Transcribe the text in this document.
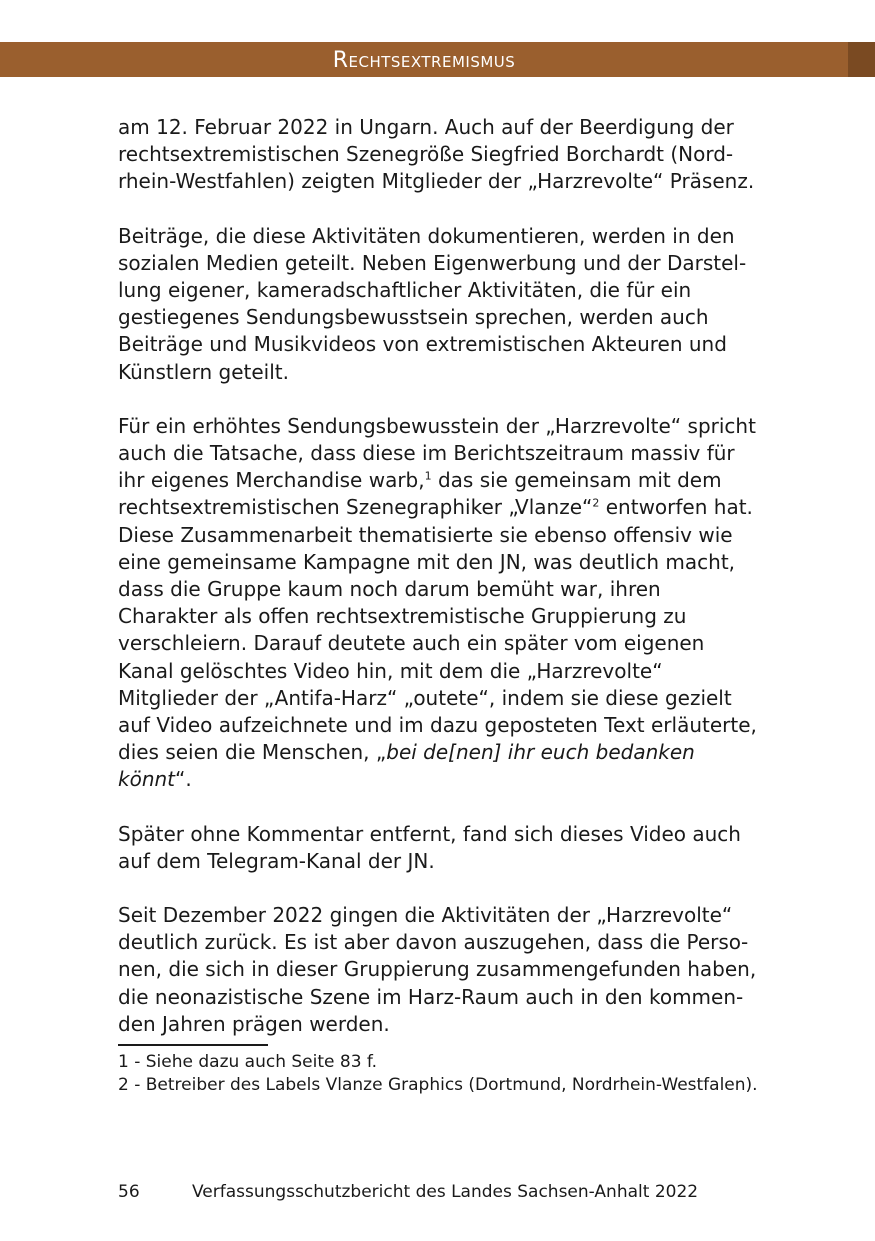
Rechtsextremismus

am 12. Februar 2022 in Ungarn. Auch auf der Beerdigung der rechtsextremistischen Szenegröße Siegfried Borchardt (Nordrhein-Westfahlen) zeigten Mitglieder der „Harzrevolte“ Präsenz.

Beiträge, die diese Aktivitäten dokumentieren, werden in den sozialen Medien geteilt. Neben Eigenwerbung und der Darstellung eigener, kameradschaftlicher Aktivitäten, die für ein gestiegenes Sendungsbewusstsein sprechen, werden auch Beiträge und Musikvideos von extremistischen Akteuren und Künstlern geteilt.

Für ein erhöhtes Sendungsbewusstein der „Harzrevolte“ spricht auch die Tatsache, dass diese im Berichtszeitraum massiv für ihr eigenes Merchandise warb,$^1$ das sie gemeinsam mit dem rechtsextremistischen Szenegraphiker „Vlanze“$^2$ entworfen hat. Diese Zusammenarbeit thematisierte sie ebenso offensiv wie eine gemeinsame Kampagne mit den JN, was deutlich macht, dass die Gruppe kaum noch darum bemüht war, ihren Charakter als offen rechtsextremistische Gruppierung zu verschleiern. Darauf deutete auch ein später vom eigenen Kanal gelöschtes Video hin, mit dem die „Harzrevolte“ Mitglieder der „Antifa-Harz“ „outete“, indem sie diese gezielt auf Video aufzeichnete und im dazu geposteten Text erläuterte, dies seien die Menschen, „bei de[nen] ihr euch bedanken könnt“.

Später ohne Kommentar entfernt, fand sich dieses Video auch auf dem Telegram-Kanal der JN.

Seit Dezember 2022 gingen die Aktivitäten der „Harzrevolte“ deutlich zurück. Es ist aber davon auszugehen, dass die Personen, die sich in dieser Gruppierung zusammengefunden haben, die neonazistische Szene im Harz-Raum auch in den kommenden Jahren prägen werden.

1 - Siehe dazu auch Seite 83 f.
2 - Betreiber des Labels Vlanze Graphics (Dortmund, Nordrhein-Westfalen).
56	Verfassungsschutzbericht des Landes Sachsen-Anhalt 2022
